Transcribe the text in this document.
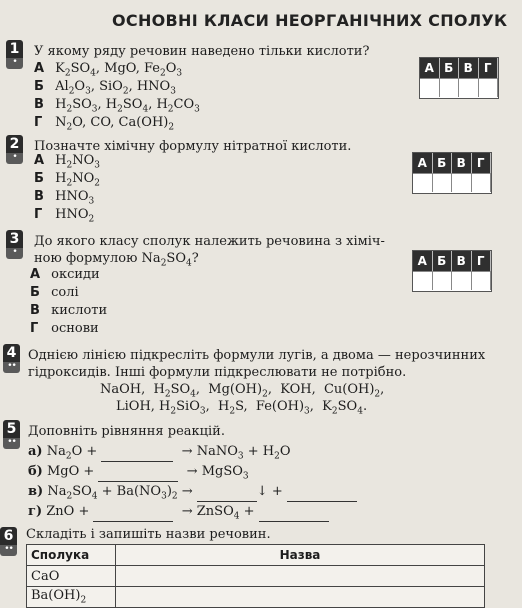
ОСНОВНІ КЛАСИ НЕОРГАНІЧНИХ СПОЛУК
1
•
У якому ряду речовин наведено тільки кислоти?
А $K_2SO_4$, MgO, $Fe_2O_3$
Б $Al_2O_3$, SiO$_2$, $HNO_3$
В $H_2SO_3$, $H_2SO_4$, $H_2CO_3$
Г $N_2O$, CO, $Ca(OH)_2$
А Б В Г
2
•
Позначте хімічну формулу нітратної кислоти.
А $H_2NO_3$
Б $H_2NO_2$
В $HNO_3$
Г $HNO_2$
А Б В Г
3
•
До якого класу сполук належить речовина з хіміч-
ною формулою $Na_2SO_4$?
А оксиди
Б солі
В кислоти
Г основи
А Б В Г
4
••
Однією лінією підкресліть формули лугів, а двома — нерозчинних
гідроксидів. Інші формули підкреслювати не потрібно.
NaOH,  $H_2SO_4$,  $Mg(OH)_2$,  KOH,  $Cu(OH)_2$,
LiOH, $H_2SiO_3$,  $H_2S$,  $Fe(OH)_3$,  $K_2SO_4$.
5
••
Доповніть рівняння реакцій.
а) $Na_2O$ +	→ NaNO$_3$ + $H_2O$
б) MgO +	→ MgSO$_3$
в) $Na_2SO_4 + Ba(NO_3)_2$ →	↓ +
г) ZnO +	→ ZnSO$_4$ +
6
••
Складіть і запишіть назви речовин.
Сполука	Назва
CaO	
$Ba(OH)_2$	
